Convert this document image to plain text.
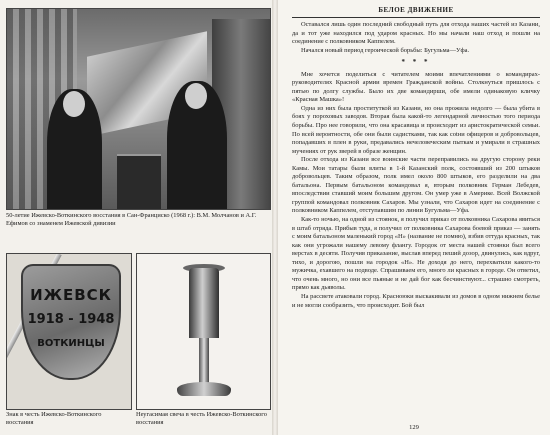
50-летие Ижевско-Воткинского восстания в Сан-Франциско (1968 г.): В.М. Молчанов и А.Г. Ефимов со знаменем Ижевской дивизии

ИЖЕВСК
1918 - 1948
ВОТКИНЦЫ

Знак в честь Ижевско-Воткинского восстания

Неугасимая свеча в честь Ижевско-Воткинского восстания

БЕЛОЕ ДВИЖЕНИЕ

Оставался лишь один последний свободный путь для отхода наших частей из Казани, да и тот уже находился под ударом красных. Но мы начали наш отход и пошли на соединение с полковником Каппелем.

Начался новый период героической борьбы: Бугульма—Уфа.

* * *

Мне хочется поделиться с читателем моими впечатлениями о командирах-руководителях Красной армии времен Гражданской войны. Столкнуться пришлось с пятью по долгу службы. Было их две командирши, обе имели одинаковую кличку «Красная Машка»!

Одна из них была проституткой из Казани, но она прожила недолго — была убита в боях у пороховых заводов. Вторая была какой-то легендарной личностью того периода борьбы. Про нее говорили, что она красавица и происходит из аристократической семьи. По всей вероятности, обе они были садистками, так как соtни офицеров и добровольцев, попадавших в плен в руки, предавались нечеловеческим пыткам и умирали в страшных мучениях от рук зверей в образе женщин.

После отхода из Казани все воинские части переправились на другую сторону реки Камы. Мои татары были влиты в 1-й Казанский полк, состоявший из 200 штыков добровольцев. Таким образом, полк имел около 800 штыков, его разделили на два батальона. Первым батальоном командовал я, вторым полковник Герман Лебедев, впоследствии ставший моим большим другом. Он умер уже в Америке. Всей Волжской группой командовал полковник Сахаров. Мы узнали, что Сахаров идет на соединение с полковником Каппелем, отступавшим по линии Бугульма—Уфа.

Как-то ночью, на одной из стоянок, я получил приказ от полковника Сахарова явиться в штаб отряда. Прибыв туда, я получил от полковника Сахарова боевой приказ — занять с моим батальоном маленький город «Н» (название не помню), взбив оттуда красных, так как они угрожали нашему левому флангу. Городок от места нашей стоянки был всего верстах в десяти. Получив приказание, выслав вперед пеший дозор, двинулись, как вдруг, тихо, и дорогою, пошли на городок «Н». Не доходя до него, перехватили какого-то мужичка, ехавшего на подводе. Спрашиваем его, много ли красных в городе. Он ответил, что очень много, но они все пьяные и не дай бог как бесчинствуют... страшно смотреть, прямо как дьяволы.

На рассвете атаковали город. Красноюки выскакивали из домов в одном нижнем белье и не могли сообразить, что происходит. Бой был

129
